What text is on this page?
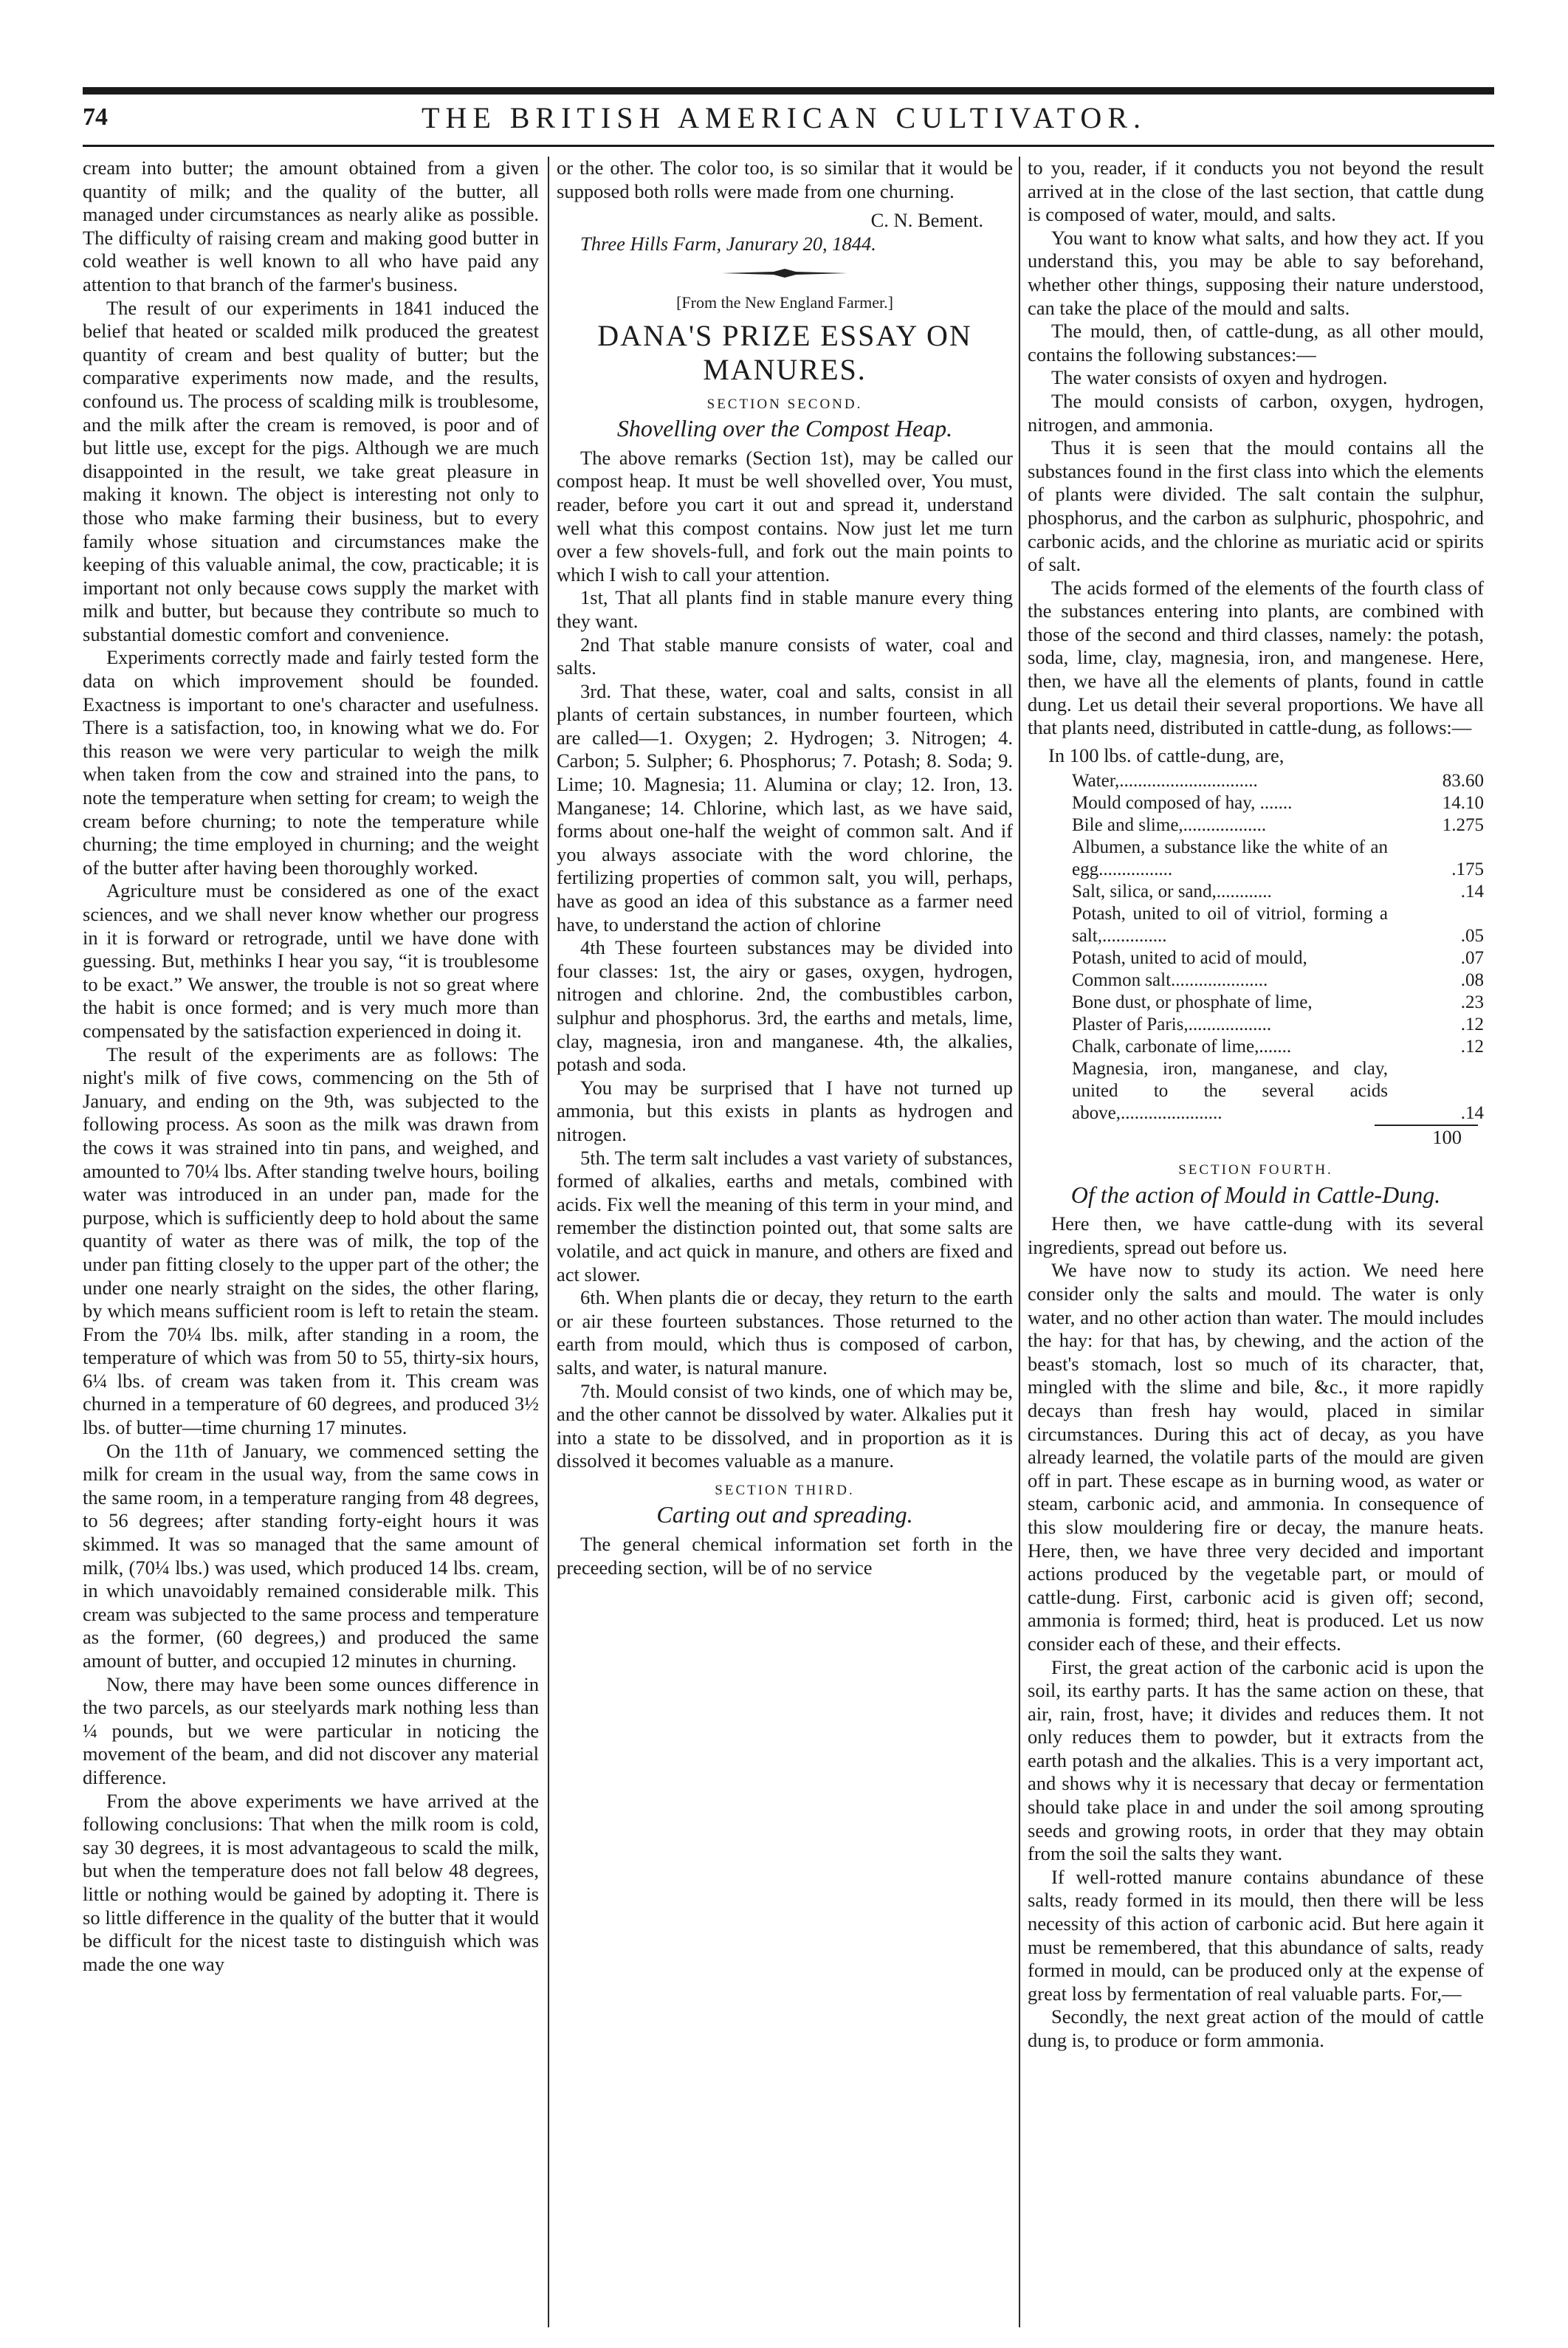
74	THE BRITISH AMERICAN CULTIVATOR.

cream into butter; the amount obtained from a given quantity of milk; and the quality of the butter, all managed under circumstances as nearly alike as possible. The difficulty of raising cream and making good butter in cold weather is well known to all who have paid any attention to that branch of the farmer's business.

The result of our experiments in 1841 induced the belief that heated or scalded milk produced the greatest quantity of cream and best quality of butter; but the comparative experiments now made, and the results, confound us. The process of scalding milk is troublesome, and the milk after the cream is removed, is poor and of but little use, except for the pigs. Although we are much disappointed in the result, we take great pleasure in making it known. The object is interesting not only to those who make farming their business, but to every family whose situation and circumstances make the keeping of this valuable animal, the cow, practicable; it is important not only because cows supply the market with milk and butter, but because they contribute so much to substantial domestic comfort and convenience.

Experiments correctly made and fairly tested form the data on which improvement should be founded. Exactness is important to one's character and usefulness. There is a satisfaction, too, in knowing what we do. For this reason we were very particular to weigh the milk when taken from the cow and strained into the pans, to note the temperature when setting for cream; to weigh the cream before churning; to note the temperature while churning; the time employed in churning; and the weight of the butter after having been thoroughly worked.

Agriculture must be considered as one of the exact sciences, and we shall never know whether our progress in it is forward or retrograde, until we have done with guessing. But, methinks I hear you say, “it is troublesome to be exact.” We answer, the trouble is not so great where the habit is once formed; and is very much more than compensated by the satisfaction experienced in doing it.

The result of the experiments are as follows: The night's milk of five cows, commencing on the 5th of January, and ending on the 9th, was subjected to the following process. As soon as the milk was drawn from the cows it was strained into tin pans, and weighed, and amounted to 70¼ lbs. After standing twelve hours, boiling water was introduced in an under pan, made for the purpose, which is sufficiently deep to hold about the same quantity of water as there was of milk, the top of the under pan fitting closely to the upper part of the other; the under one nearly straight on the sides, the other flaring, by which means sufficient room is left to retain the steam. From the 70¼ lbs. milk, after standing in a room, the temperature of which was from 50 to 55, thirty-six hours, 6¼ lbs. of cream was taken from it. This cream was churned in a temperature of 60 degrees, and produced 3½ lbs. of butter—time churning 17 minutes.

On the 11th of January, we commenced setting the milk for cream in the usual way, from the same cows in the same room, in a temperature ranging from 48 degrees, to 56 degrees; after standing forty-eight hours it was skimmed. It was so managed that the same amount of milk, (70¼ lbs.) was used, which produced 14 lbs. cream, in which unavoidably remained considerable milk. This cream was subjected to the same process and temperature as the former, (60 degrees,) and produced the same amount of butter, and occupied 12 minutes in churning.

Now, there may have been some ounces difference in the two parcels, as our steelyards mark nothing less than ¼ pounds, but we were particular in noticing the movement of the beam, and did not discover any material difference.

From the above experiments we have arrived at the following conclusions: That when the milk room is cold, say 30 degrees, it is most advantageous to scald the milk, but when the temperature does not fall below 48 degrees, little or nothing would be gained by adopting it. There is so little difference in the quality of the butter that it would be difficult for the nicest taste to distinguish which was made the one way

or the other. The color too, is so similar that it would be supposed both rolls were made from one churning.

C. N. Bement.
Three Hills Farm, Janurary 20, 1844.
[From the New England Farmer.]
DANA'S PRIZE ESSAY ON MANURES.
SECTION SECOND.
Shovelling over the Compost Heap.

The above remarks (Section 1st), may be called our compost heap. It must be well shovelled over, You must, reader, before you cart it out and spread it, understand well what this compost contains. Now just let me turn over a few shovels-full, and fork out the main points to which I wish to call your attention.

1st, That all plants find in stable manure every thing they want.

2nd That stable manure consists of water, coal and salts.

3rd. That these, water, coal and salts, consist in all plants of certain substances, in number fourteen, which are called—1. Oxygen; 2. Hydrogen; 3. Nitrogen; 4. Carbon; 5. Sulpher; 6. Phosphorus; 7. Potash; 8. Soda; 9. Lime; 10. Magnesia; 11. Alumina or clay; 12. Iron, 13. Manganese; 14. Chlorine, which last, as we have said, forms about one-half the weight of common salt. And if you always associate with the word chlorine, the fertilizing properties of common salt, you will, perhaps, have as good an idea of this substance as a farmer need have, to understand the action of chlorine

4th These fourteen substances may be divided into four classes: 1st, the airy or gases, oxygen, hydrogen, nitrogen and chlorine. 2nd, the combustibles carbon, sulphur and phosphorus. 3rd, the earths and metals, lime, clay, magnesia, iron and manganese. 4th, the alkalies, potash and soda.

You may be surprised that I have not turned up ammonia, but this exists in plants as hydrogen and nitrogen.

5th. The term salt includes a vast variety of substances, formed of alkalies, earths and metals, combined with acids. Fix well the meaning of this term in your mind, and remember the distinction pointed out, that some salts are volatile, and act quick in manure, and others are fixed and act slower.

6th. When plants die or decay, they return to the earth or air these fourteen substances. Those returned to the earth from mould, which thus is composed of carbon, salts, and water, is natural manure.

7th. Mould consist of two kinds, one of which may be, and the other cannot be dissolved by water. Alkalies put it into a state to be dissolved, and in proportion as it is dissolved it becomes valuable as a manure.

SECTION THIRD.
Carting out and spreading.

The general chemical information set forth in the preceeding section, will be of no service

to you, reader, if it conducts you not beyond the result arrived at in the close of the last section, that cattle dung is composed of water, mould, and salts.

You want to know what salts, and how they act. If you understand this, you may be able to say beforehand, whether other things, supposing their nature understood, can take the place of the mould and salts.

The mould, then, of cattle-dung, as all other mould, contains the following substances:—

The water consists of oxyen and hydrogen.

The mould consists of carbon, oxygen, hydrogen, nitrogen, and ammonia.

Thus it is seen that the mould contains all the substances found in the first class into which the elements of plants were divided. The salt contain the sulphur, phosphorus, and the carbon as sulphuric, phospohric, and carbonic acids, and the chlorine as muriatic acid or spirits of salt.

The acids formed of the elements of the fourth class of the substances entering into plants, are combined with those of the second and third classes, namely: the potash, soda, lime, clay, magnesia, iron, and mangenese. Here, then, we have all the elements of plants, found in cattle dung. Let us detail their several proportions. We have all that plants need, distributed in cattle-dung, as follows:—

In 100 lbs. of cattle-dung, are,
Water,..............................	83.60
Mould composed of hay, .......	14.10
Bile and slime,..................	1.275
Albumen, a substance like the white of an egg................	.175
Salt, silica, or sand,............	.14
Potash, united to oil of vitriol, forming a salt,..............	.05
Potash, united to acid of mould,	.07
Common salt.....................	.08
Bone dust, or phosphate of lime,	.23
Plaster of Paris,..................	.12
Chalk, carbonate of lime,.......	.12
Magnesia, iron, manganese, and clay, united to the several acids above,......................	.14
100
SECTION FOURTH.
Of the action of Mould in Cattle-Dung.

Here then, we have cattle-dung with its several ingredients, spread out before us.

We have now to study its action. We need here consider only the salts and mould. The water is only water, and no other action than water. The mould includes the hay: for that has, by chewing, and the action of the beast's stomach, lost so much of its character, that, mingled with the slime and bile, &c., it more rapidly decays than fresh hay would, placed in similar circumstances. During this act of decay, as you have already learned, the volatile parts of the mould are given off in part. These escape as in burning wood, as water or steam, carbonic acid, and ammonia. In consequence of this slow mouldering fire or decay, the manure heats. Here, then, we have three very decided and important actions produced by the vegetable part, or mould of cattle-dung. First, carbonic acid is given off; second, ammonia is formed; third, heat is produced. Let us now consider each of these, and their effects.

First, the great action of the carbonic acid is upon the soil, its earthy parts. It has the same action on these, that air, rain, frost, have; it divides and reduces them. It not only reduces them to powder, but it extracts from the earth potash and the alkalies. This is a very important act, and shows why it is necessary that decay or fermentation should take place in and under the soil among sprouting seeds and growing roots, in order that they may obtain from the soil the salts they want.

If well-rotted manure contains abundance of these salts, ready formed in its mould, then there will be less necessity of this action of carbonic acid. But here again it must be remembered, that this abundance of salts, ready formed in mould, can be produced only at the expense of great loss by fermentation of real valuable parts. For,—

Secondly, the next great action of the mould of cattle dung is, to produce or form ammonia.
